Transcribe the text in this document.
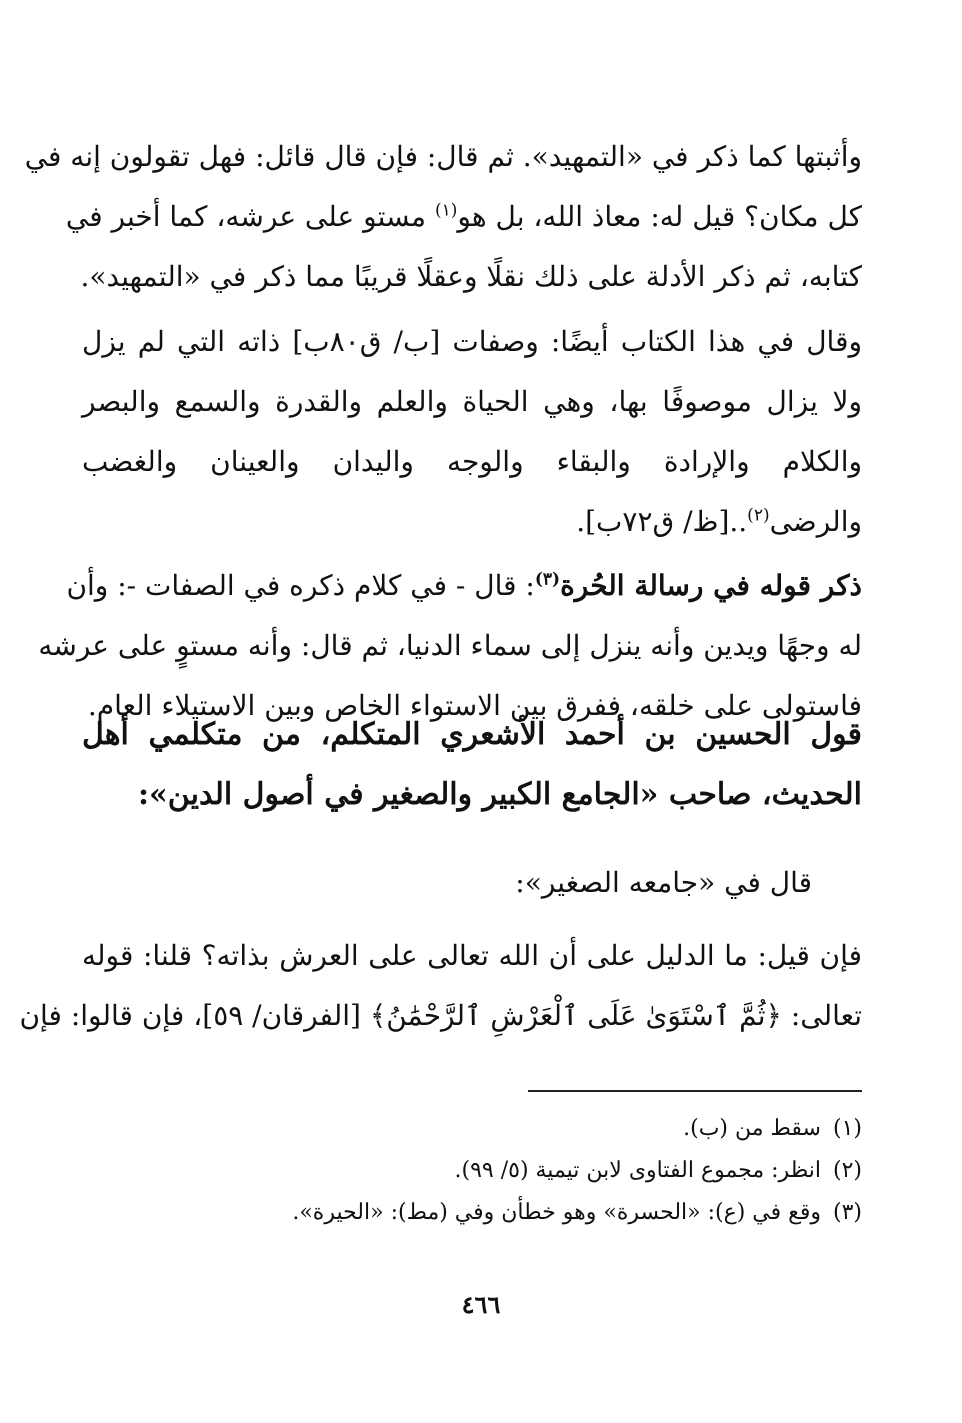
وأثبتها كما ذكر في «التمهيد». ثم قال: فإن قال قائل: فهل تقولون إنه في
كل مكان؟ قيل له: معاذ الله، بل هو$^{(١)}$ مستو على عرشه، كما أخبر في
كتابه، ثم ذكر الأدلة على ذلك نقلًا وعقلًا قريبًا مما ذكر في «التمهيد».
وقال في هذا الكتاب أيضًا: وصفات [ب/ ق٨٠ب] ذاته التي لم يزل
ولا يزال موصوفًا بها، وهي الحياة والعلم والقدرة والسمع والبصر
والكلام والإرادة والبقاء والوجه واليدان والعينان والغضب
والرضى$^{(٢)}$..[ظ/ ق٧٢ب].
ذكر قوله في رسالة الحُرة$^{(٣)}$: قال - في كلام ذكره في الصفات -: وأن
له وجهًا ويدين وأنه ينزل إلى سماء الدنيا، ثم قال: وأنه مستوٍ على عرشه
فاستولى على خلقه، ففرق بين الاستواء الخاص وبين الاستيلاء العام.
قول الحسين بن أحمد الأشعري المتكلم، من متكلمي أهل
الحديث، صاحب «الجامع الكبير والصغير في أصول الدين»:
قال في «جامعه الصغير»:
فإن قيل: ما الدليل على أن الله تعالى على العرش بذاته؟ قلنا: قوله
تعالى: ﴿ثُمَّ ٱسْتَوَىٰ عَلَى ٱلْعَرْشِ ٱلرَّحْمَٰنُ﴾ [الفرقان/ ٥٩]، فإن قالوا: فإن
(١)سقط من (ب).
(٢)انظر: مجموع الفتاوى لابن تيمية (٥/ ٩٩).
(٣)وقع في (ع): «الحسرة» وهو خطأن وفي (مط): «الحيرة».
٤٦٦
